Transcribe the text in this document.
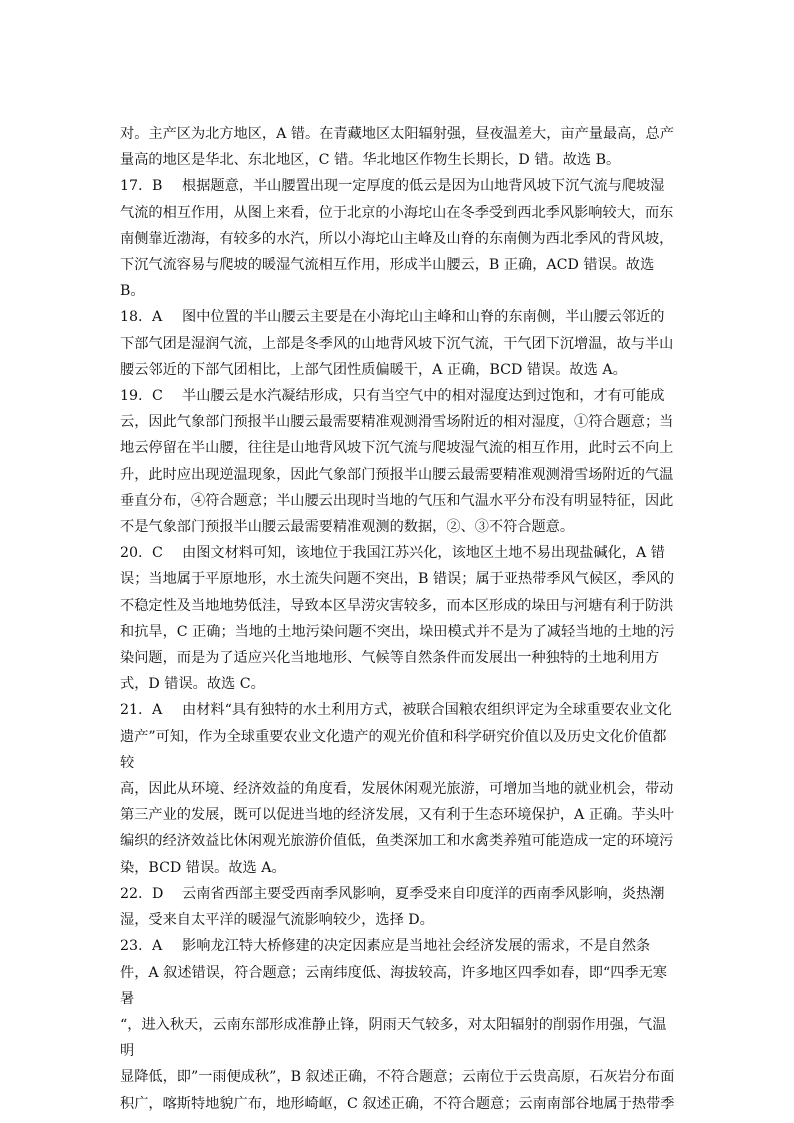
对。主产区为北方地区，A 错。在青藏地区太阳辐射强，昼夜温差大，亩产量最高，总产
量高的地区是华北、东北地区，C 错。华北地区作物生长期长，D 错。故选 B。

17. B 根据题意，半山腰置出现一定厚度的低云是因为山地背风坡下沉气流与爬坡湿
气流的相互作用，从图上来看，位于北京的小海坨山在冬季受到西北季风影响较大，而东
南侧靠近渤海，有较多的水汽，所以小海坨山主峰及山脊的东南侧为西北季风的背风坡，
下沉气流容易与爬坡的暖湿气流相互作用，形成半山腰云，B 正确，ACD 错误。故选 B。

18. A 图中位置的半山腰云主要是在小海坨山主峰和山脊的东南侧，半山腰云邻近的
下部气团是湿润气流，上部是冬季风的山地背风坡下沉气流，干气团下沉增温，故与半山
腰云邻近的下部气团相比，上部气团性质偏暖干，A 正确，BCD 错误。故选 A。

19. C 半山腰云是水汽凝结形成，只有当空气中的相对湿度达到过饱和，才有可能成
云，因此气象部门预报半山腰云最需要精准观测滑雪场附近的相对湿度，①符合题意；当
地云停留在半山腰，往往是山地背风坡下沉气流与爬坡湿气流的相互作用，此时云不向上
升，此时应出现逆温现象，因此气象部门预报半山腰云最需要精准观测滑雪场附近的气温
垂直分布，④符合题意；半山腰云出现时当地的气压和气温水平分布没有明显特征，因此
不是气象部门预报半山腰云最需要精准观测的数据，②、③不符合题意。

20. C 由图文材料可知，该地位于我国江苏兴化，该地区土地不易出现盐碱化，A 错
误；当地属于平原地形，水土流失问题不突出，B 错误；属于亚热带季风气候区，季风的
不稳定性及当地地势低洼，导致本区旱涝灾害较多，而本区形成的垛田与河塘有利于防洪
和抗旱，C 正确；当地的土地污染问题不突出，垛田模式并不是为了减轻当地的土地的污
染问题，而是为了适应兴化当地地形、气候等自然条件而发展出一种独特的土地利用方
式，D 错误。故选 C。

21. A 由材料“具有独特的水土利用方式，被联合国粮农组织评定为全球重要农业文化
遗产”可知，作为全球重要农业文化遗产的观光价值和科学研究价值以及历史文化价值都较
高，因此从环境、经济效益的角度看，发展休闲观光旅游，可增加当地的就业机会，带动
第三产业的发展，既可以促进当地的经济发展，又有利于生态环境保护，A 正确。芋头叶
编织的经济效益比休闲观光旅游价值低，鱼类深加工和水禽类养殖可能造成一定的环境污
染，BCD 错误。故选 A。

22. D 云南省西部主要受西南季风影响，夏季受来自印度洋的西南季风影响，炎热潮
湿，受来自太平洋的暖湿气流影响较少，选择 D。

23. A 影响龙江特大桥修建的决定因素应是当地社会经济发展的需求，不是自然条
件，A 叙述错误，符合题意；云南纬度低、海拔较高，许多地区四季如春，即“四季无寒暑
“，进入秋天，云南东部形成准静止锋，阴雨天气较多，对太阳辐射的削弱作用强，气温明
显降低，即”一雨便成秋”，B 叙述正确，不符合题意；云南位于云贵高原，石灰岩分布面
积广，喀斯特地貌广布，地形崎岖，C 叙述正确，不符合题意；云南南部谷地属于热带季
